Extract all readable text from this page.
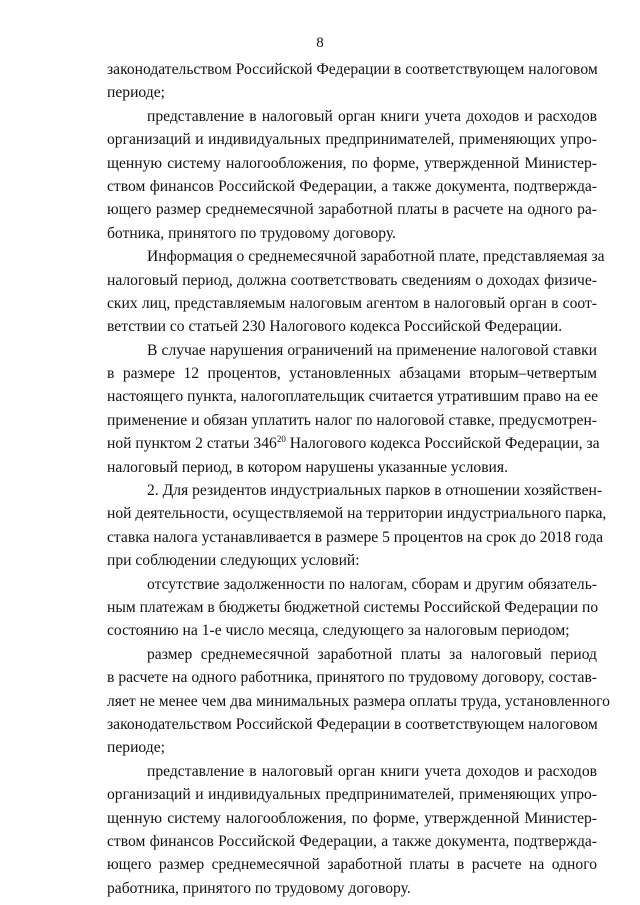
8
законодательством Российской Федерации в соответствующем налоговом
периоде;
представление в налоговый орган книги учета доходов и расходов
организаций и индивидуальных предпринимателей, применяющих упро-
щенную систему налогообложения, по форме, утвержденной Министер-
ством финансов Российской Федерации, а также документа, подтвержда-
ющего размер среднемесячной заработной платы в расчете на одного ра-
ботника, принятого по трудовому договору.
Информация о среднемесячной заработной плате, представляемая за
налоговый период, должна соответствовать сведениям о доходах физиче-
ских лиц, представляемым налоговым агентом в налоговый орган в соот-
ветствии со статьей 230 Налогового кодекса Российской Федерации.
В случае нарушения ограничений на применение налоговой ставки
в размере 12 процентов, установленных абзацами вторым–четвертым
настоящего пункта, налогоплательщик считается утратившим право на ее
применение и обязан уплатить налог по налоговой ставке, предусмотрен-
ной пунктом 2 статьи $346^{20}$ Налогового кодекса Российской Федерации, за
налоговый период, в котором нарушены указанные условия.
2. Для резидентов индустриальных парков в отношении хозяйствен-
ной деятельности, осуществляемой на территории индустриального парка,
ставка налога устанавливается в размере 5 процентов на срок до 2018 года
при соблюдении следующих условий:
отсутствие задолженности по налогам, сборам и другим обязатель-
ным платежам в бюджеты бюджетной системы Российской Федерации по
состоянию на 1-е число месяца, следующего за налоговым периодом;
размер среднемесячной заработной платы за налоговый период
в расчете на одного работника, принятого по трудовому договору, состав-
ляет не менее чем два минимальных размера оплаты труда, установленного
законодательством Российской Федерации в соответствующем налоговом
периоде;
представление в налоговый орган книги учета доходов и расходов
организаций и индивидуальных предпринимателей, применяющих упро-
щенную систему налогообложения, по форме, утвержденной Министер-
ством финансов Российской Федерации, а также документа, подтвержда-
ющего размер среднемесячной заработной платы в расчете на одного
работника, принятого по трудовому договору.
